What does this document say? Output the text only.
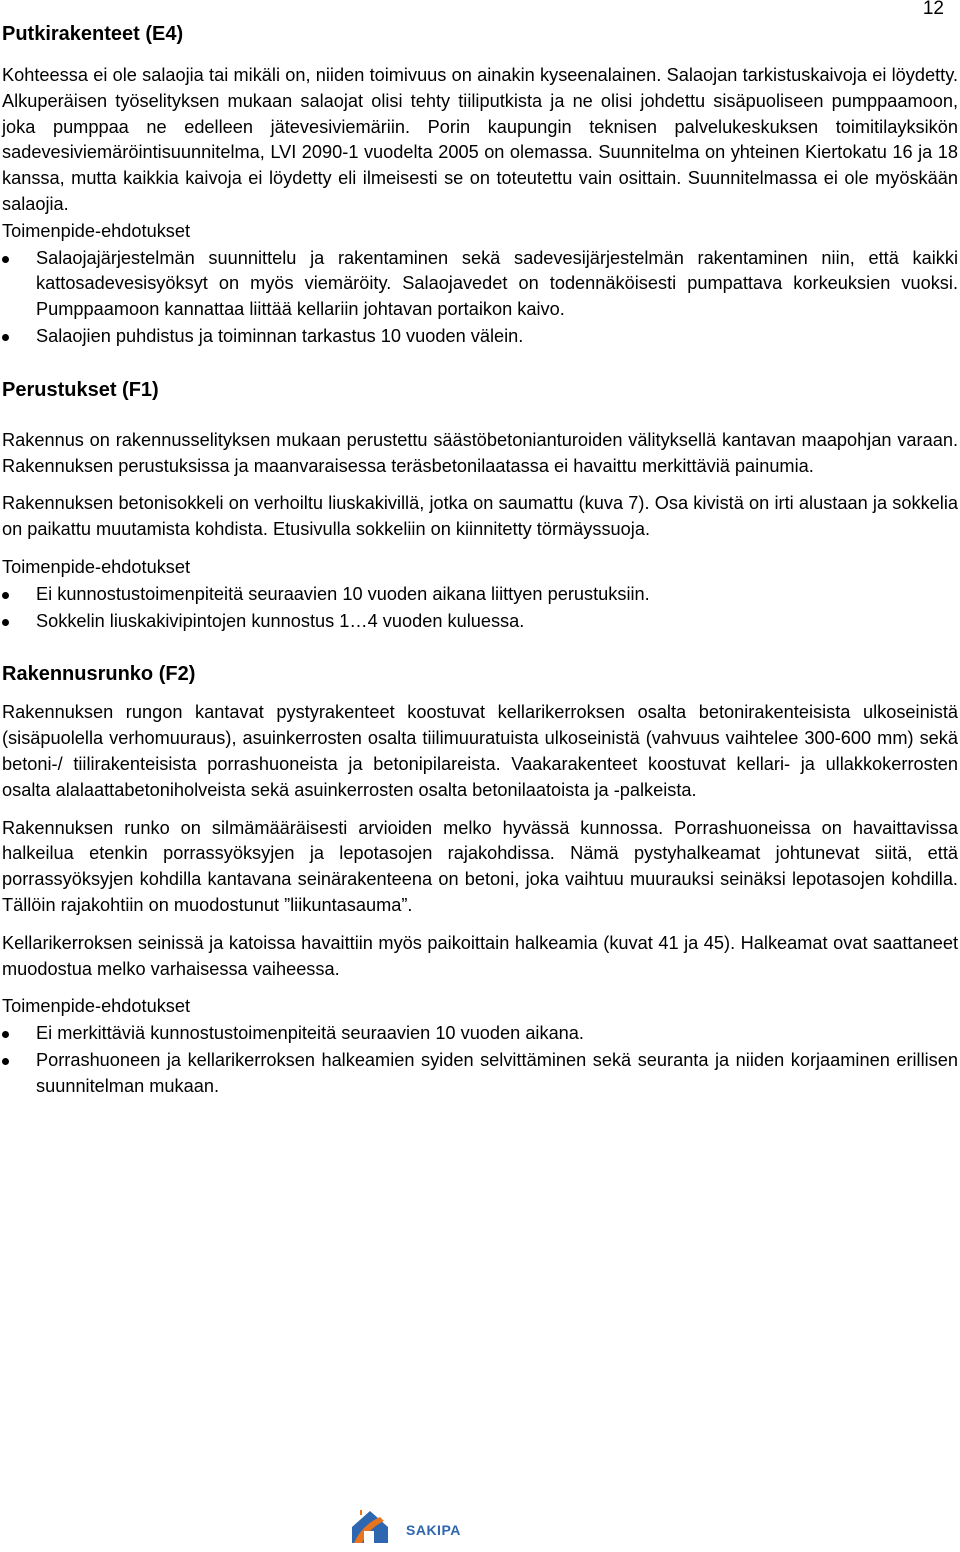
12
Putkirakenteet (E4)

Kohteessa ei ole salaojia tai mikäli on, niiden toimivuus on ainakin kyseenalainen. Salaojan tarkistuskaivoja ei löydetty. Alkuperäisen työselityksen mukaan salaojat olisi tehty tiiliputkista ja ne olisi johdettu sisäpuoliseen pumppaamoon, joka pumppaa ne edelleen jätevesiviemäriin. Porin kaupungin teknisen palvelukeskuksen toimitilayksikön sadevesiviemäröintisuunnitelma, LVI 2090-1 vuodelta 2005 on olemassa. Suunnitelma on yhteinen Kiertokatu 16 ja 18 kanssa, mutta kaikkia kaivoja ei löydetty eli ilmeisesti se on toteutettu vain osittain. Suunnitelmassa ei ole myöskään salaojia.

Toimenpide-ehdotukset
Salaojajärjestelmän suunnittelu ja rakentaminen sekä sadevesijärjestelmän rakentaminen niin, että kaikki kattosadevesisyöksyt on myös viemäröity. Salaojavedet on todennäköisesti pumpattava korkeuksien vuoksi. Pumppaamoon kannattaa liittää kellariin johtavan portaikon kaivo.
Salaojien puhdistus ja toiminnan tarkastus 10 vuoden välein.
Perustukset (F1)

Rakennus on rakennusselityksen mukaan perustettu säästöbetonianturoiden välityksellä kantavan maapohjan varaan. Rakennuksen perustuksissa ja maanvaraisessa teräsbetonilaatassa ei havaittu merkittäviä painumia.

Rakennuksen betonisokkeli on verhoiltu liuskakivillä, jotka on saumattu (kuva 7). Osa kivistä on irti alustaan ja sokkelia on paikattu muutamista kohdista. Etusivulla sokkeliin on kiinnitetty törmäyssuoja.

Toimenpide-ehdotukset
Ei kunnostustoimenpiteitä seuraavien 10 vuoden aikana liittyen perustuksiin.
Sokkelin liuskakivipintojen kunnostus 1…4 vuoden kuluessa.
Rakennusrunko (F2)

Rakennuksen rungon kantavat pystyrakenteet koostuvat kellarikerroksen osalta betonirakenteisista ulkoseinistä (sisäpuolella verhomuuraus), asuinkerrosten osalta tiilimuuratuista ulkoseinistä (vahvuus vaihtelee 300-600 mm) sekä betoni-/ tiilirakenteisista porrashuoneista ja betonipilareista. Vaakarakenteet koostuvat kellari- ja ullakkokerrosten osalta alalaattabetoniholveista sekä asuinkerrosten osalta betonilaatoista ja -palkeista.

Rakennuksen runko on silmämääräisesti arvioiden melko hyvässä kunnossa. Porrashuoneissa on havaittavissa halkeilua etenkin porrassyöksyjen ja lepotasojen rajakohdissa. Nämä pystyhalkeamat johtunevat siitä, että porrassyöksyjen kohdilla kantavana seinärakenteena on betoni, joka vaihtuu muurauksi seinäksi lepotasojen kohdilla. Tällöin rajakohtiin on muodostunut ”liikuntasauma”.

Kellarikerroksen seinissä ja katoissa havaittiin myös paikoittain halkeamia (kuvat 41 ja 45). Halkeamat ovat saattaneet muodostua melko varhaisessa vaiheessa.

Toimenpide-ehdotukset
Ei merkittäviä kunnostustoimenpiteitä seuraavien 10 vuoden aikana.
Porrashuoneen ja kellarikerroksen halkeamien syiden selvittäminen sekä seuranta ja niiden korjaaminen erillisen suunnitelman mukaan.
SAKIPA
